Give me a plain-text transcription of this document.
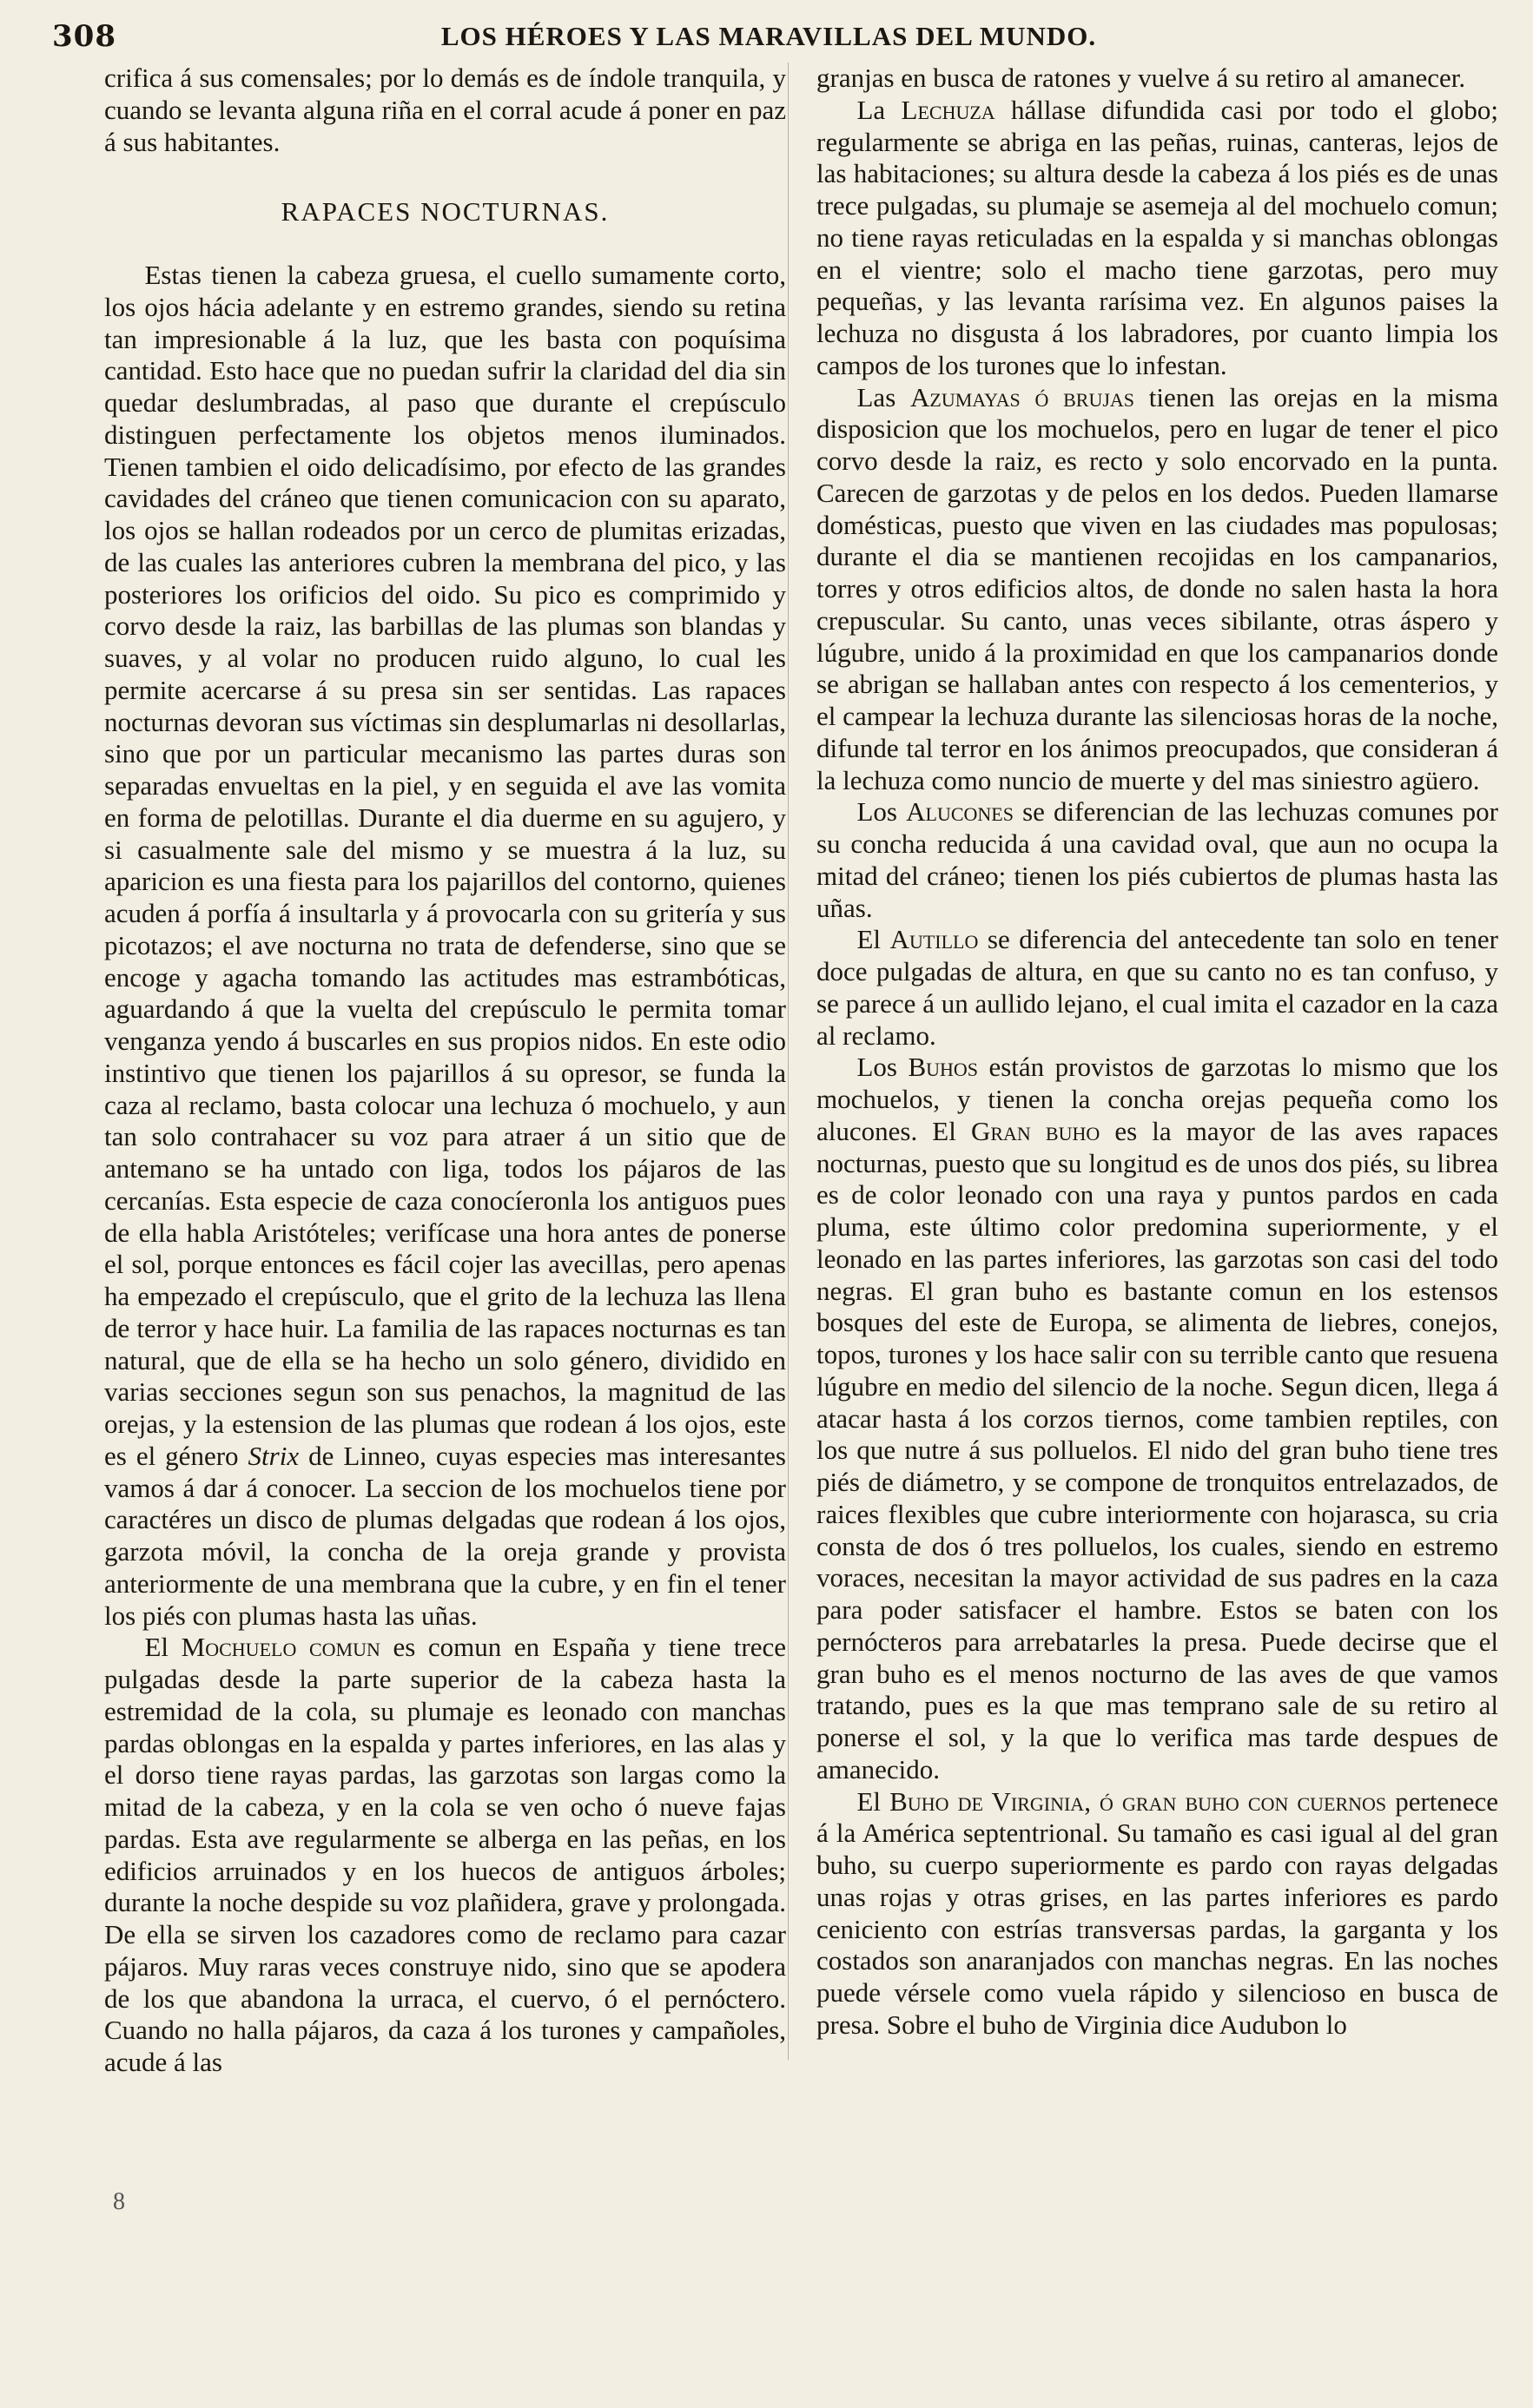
308	LOS HÉROES Y LAS MARAVILLAS DEL MUNDO.

crifica á sus comensales; por lo demás es de índole tranquila, y cuando se levanta alguna riña en el corral acude á poner en paz á sus habitantes.

RAPACES NOCTURNAS.

Estas tienen la cabeza gruesa, el cuello sumamente corto, los ojos hácia adelante y en estremo grandes, siendo su retina tan impresionable á la luz, que les basta con poquísima cantidad. Esto hace que no puedan sufrir la claridad del dia sin quedar deslumbradas, al paso que durante el crepúsculo distinguen perfectamente los objetos menos iluminados. Tienen tambien el oido delicadísimo, por efecto de las grandes cavidades del cráneo que tienen comunicacion con su aparato, los ojos se hallan rodeados por un cerco de plumitas erizadas, de las cuales las anteriores cubren la membrana del pico, y las posteriores los orificios del oido. Su pico es comprimido y corvo desde la raiz, las barbillas de las plumas son blandas y suaves, y al volar no producen ruido alguno, lo cual les permite acercarse á su presa sin ser sentidas. Las rapaces nocturnas devoran sus víctimas sin desplumarlas ni desollarlas, sino que por un particular mecanismo las partes duras son separadas envueltas en la piel, y en seguida el ave las vomita en forma de pelotillas. Durante el dia duerme en su agujero, y si casualmente sale del mismo y se muestra á la luz, su aparicion es una fiesta para los pajarillos del contorno, quienes acuden á porfía á insultarla y á provocarla con su gritería y sus picotazos; el ave nocturna no trata de defenderse, sino que se encoge y agacha tomando las actitudes mas estrambóticas, aguardando á que la vuelta del crepúsculo le permita tomar venganza yendo á buscarles en sus propios nidos. En este odio instintivo que tienen los pajarillos á su opresor, se funda la caza al reclamo, basta colocar una lechuza ó mochuelo, y aun tan solo contrahacer su voz para atraer á un sitio que de antemano se ha untado con liga, todos los pájaros de las cercanías. Esta especie de caza conocíeronla los antiguos pues de ella habla Aristóteles; verifícase una hora antes de ponerse el sol, porque entonces es fácil cojer las avecillas, pero apenas ha empezado el crepúsculo, que el grito de la lechuza las llena de terror y hace huir. La familia de las rapaces nocturnas es tan natural, que de ella se ha hecho un solo género, dividido en varias secciones segun son sus penachos, la magnitud de las orejas, y la estension de las plumas que rodean á los ojos, este es el género Strix de Linneo, cuyas especies mas interesantes vamos á dar á conocer. La seccion de los mochuelos tiene por caractéres un disco de plumas delgadas que rodean á los ojos, garzota móvil, la concha de la oreja grande y provista anteriormente de una membrana que la cubre, y en fin el tener los piés con plumas hasta las uñas.

El Mochuelo comun es comun en España y tiene trece pulgadas desde la parte superior de la cabeza hasta la estremidad de la cola, su plumaje es leonado con manchas pardas oblongas en la espalda y partes inferiores, en las alas y el dorso tiene rayas pardas, las garzotas son largas como la mitad de la cabeza, y en la cola se ven ocho ó nueve fajas pardas. Esta ave regularmente se alberga en las peñas, en los edificios arruinados y en los huecos de antiguos árboles; durante la noche despide su voz plañidera, grave y prolongada. De ella se sirven los cazadores como de reclamo para cazar pájaros. Muy raras veces construye nido, sino que se apodera de los que abandona la urraca, el cuervo, ó el pernóctero. Cuando no halla pájaros, da caza á los turones y campañoles, acude á las

granjas en busca de ratones y vuelve á su retiro al amanecer.

La Lechuza hállase difundida casi por todo el globo; regularmente se abriga en las peñas, ruinas, canteras, lejos de las habitaciones; su altura desde la cabeza á los piés es de unas trece pulgadas, su plumaje se asemeja al del mochuelo comun; no tiene rayas reticuladas en la espalda y si manchas oblongas en el vientre; solo el macho tiene garzotas, pero muy pequeñas, y las levanta rarísima vez. En algunos paises la lechuza no disgusta á los labradores, por cuanto limpia los campos de los turones que lo infestan.

Las Azumayas ó brujas tienen las orejas en la misma disposicion que los mochuelos, pero en lugar de tener el pico corvo desde la raiz, es recto y solo encorvado en la punta. Carecen de garzotas y de pelos en los dedos. Pueden llamarse domésticas, puesto que viven en las ciudades mas populosas; durante el dia se mantienen recojidas en los campanarios, torres y otros edificios altos, de donde no salen hasta la hora crepuscular. Su canto, unas veces sibilante, otras áspero y lúgubre, unido á la proximidad en que los campanarios donde se abrigan se hallaban antes con respecto á los cementerios, y el campear la lechuza durante las silenciosas horas de la noche, difunde tal terror en los ánimos preocupados, que consideran á la lechuza como nuncio de muerte y del mas siniestro agüero.

Los Alucones se diferencian de las lechuzas comunes por su concha reducida á una cavidad oval, que aun no ocupa la mitad del cráneo; tienen los piés cubiertos de plumas hasta las uñas.

El Autillo se diferencia del antecedente tan solo en tener doce pulgadas de altura, en que su canto no es tan confuso, y se parece á un aullido lejano, el cual imita el cazador en la caza al reclamo.

Los Buhos están provistos de garzotas lo mismo que los mochuelos, y tienen la concha orejas pequeña como los alucones. El Gran buho es la mayor de las aves rapaces nocturnas, puesto que su longitud es de unos dos piés, su librea es de color leonado con una raya y puntos pardos en cada pluma, este último color predomina superiormente, y el leonado en las partes inferiores, las garzotas son casi del todo negras. El gran buho es bastante comun en los estensos bosques del este de Europa, se alimenta de liebres, conejos, topos, turones y los hace salir con su terrible canto que resuena lúgubre en medio del silencio de la noche. Segun dicen, llega á atacar hasta á los corzos tiernos, come tambien reptiles, con los que nutre á sus polluelos. El nido del gran buho tiene tres piés de diámetro, y se compone de tronquitos entrelazados, de raices flexibles que cubre interiormente con hojarasca, su cria consta de dos ó tres polluelos, los cuales, siendo en estremo voraces, necesitan la mayor actividad de sus padres en la caza para poder satisfacer el hambre. Estos se baten con los pernócteros para arrebatarles la presa. Puede decirse que el gran buho es el menos nocturno de las aves de que vamos tratando, pues es la que mas temprano sale de su retiro al ponerse el sol, y la que lo verifica mas tarde despues de amanecido.

El Buho de Virginia, ó gran buho con cuernos pertenece á la América septentrional. Su tamaño es casi igual al del gran buho, su cuerpo superiormente es pardo con rayas delgadas unas rojas y otras grises, en las partes inferiores es pardo ceniciento con estrías transversas pardas, la garganta y los costados son anaranjados con manchas negras. En las noches puede vérsele como vuela rápido y silencioso en busca de presa. Sobre el buho de Virginia dice Audubon lo

8
